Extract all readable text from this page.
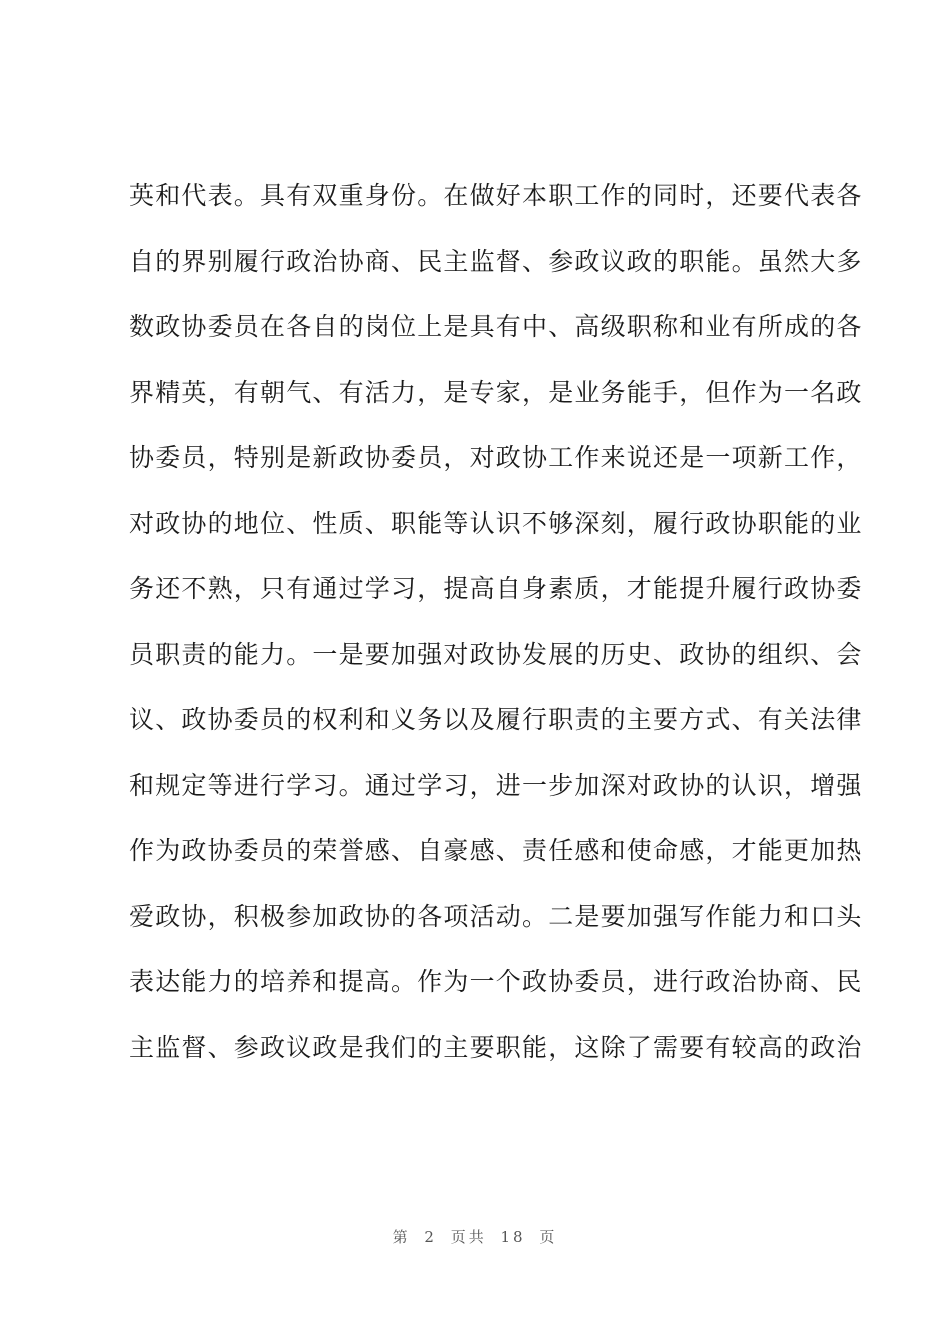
英和代表。具有双重身份。在做好本职工作的同时，还要代表各
自的界别履行政治协商、民主监督、参政议政的职能。虽然大多
数政协委员在各自的岗位上是具有中、高级职称和业有所成的各
界精英，有朝气、有活力，是专家，是业务能手，但作为一名政
协委员，特别是新政协委员，对政协工作来说还是一项新工作，
对政协的地位、性质、职能等认识不够深刻，履行政协职能的业
务还不熟，只有通过学习，提高自身素质，才能提升履行政协委
员职责的能力。一是要加强对政协发展的历史、政协的组织、会
议、政协委员的权利和义务以及履行职责的主要方式、有关法律
和规定等进行学习。通过学习，进一步加深对政协的认识，增强
作为政协委员的荣誉感、自豪感、责任感和使命感，才能更加热
爱政协，积极参加政协的各项活动。二是要加强写作能力和口头
表达能力的培养和提高。作为一个政协委员，进行政治协商、民
主监督、参政议政是我们的主要职能，这除了需要有较高的政治
第 2 页共 18 页
